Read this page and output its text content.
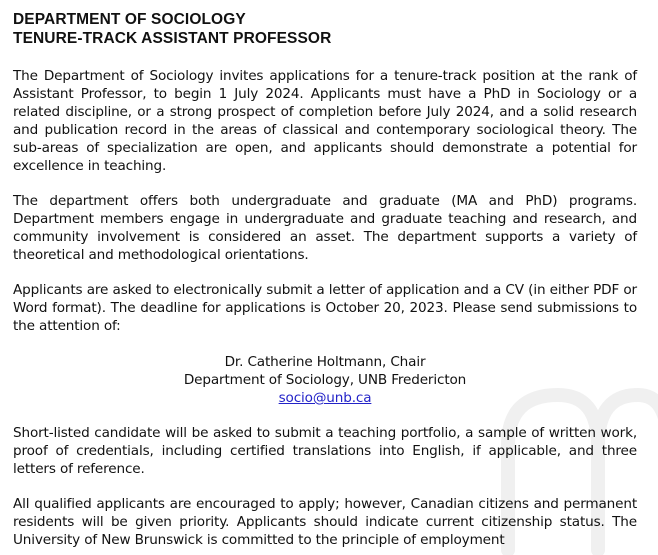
DEPARTMENT OF SOCIOLOGY
TENURE-TRACK ASSISTANT PROFESSOR

The Department of Sociology invites applications for a tenure-track position at the rank of Assistant Professor, to begin 1 July 2024. Applicants must have a PhD in Sociology or a related discipline, or a strong prospect of completion before July 2024, and a solid research and publication record in the areas of classical and contemporary sociological theory. The sub-areas of specialization are open, and applicants should demonstrate a potential for excellence in teaching.

The department offers both undergraduate and graduate (MA and PhD) programs. Department members engage in undergraduate and graduate teaching and research, and community involvement is considered an asset. The department supports a variety of theoretical and methodological orientations.

Applicants are asked to electronically submit a letter of application and a CV (in either PDF or Word format). The deadline for applications is October 20, 2023. Please send submissions to the attention of:

Dr. Catherine Holtmann, Chair
Department of Sociology, UNB Fredericton
socio@unb.ca

Short-listed candidate will be asked to submit a teaching portfolio, a sample of written work, proof of credentials, including certified translations into English, if applicable, and three letters of reference.

All qualified applicants are encouraged to apply; however, Canadian citizens and permanent residents will be given priority. Applicants should indicate current citizenship status. The University of New Brunswick is committed to the principle of employment
